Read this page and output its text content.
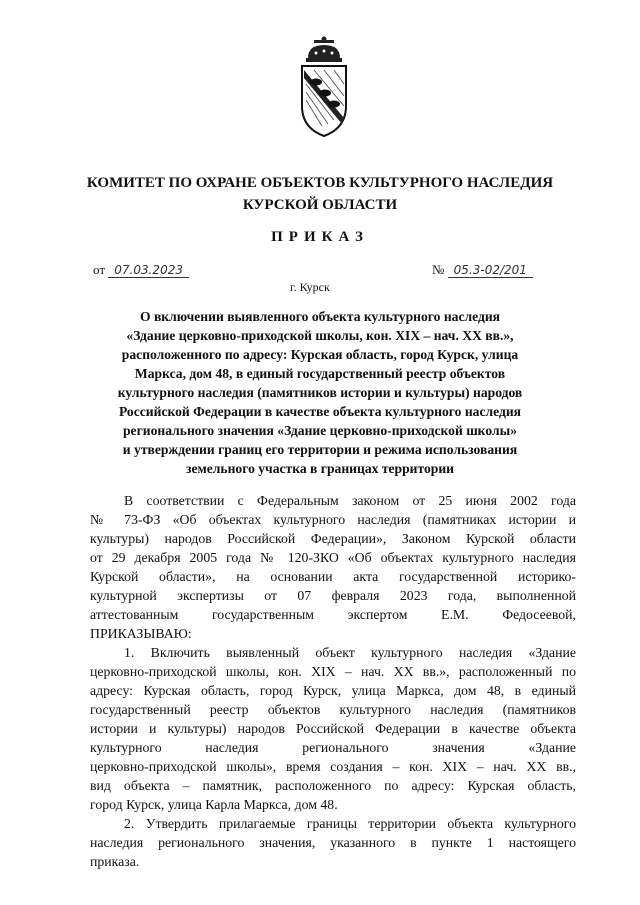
КОМИТЕТ ПО ОХРАНЕ ОБЪЕКТОВ КУЛЬТУРНОГО НАСЛЕДИЯ
КУРСКОЙ ОБЛАСТИ
ПРИКАЗ
от 07.03.2023	№ 05.3-02/201
г. Курск
О включении выявленного объекта культурного наследия
«Здание церковно-приходской школы, кон. XIX – нач. XX вв.»,
расположенного по адресу: Курская область, город Курск, улица
Маркса, дом 48, в единый государственный реестр объектов
культурного наследия (памятников истории и культуры) народов
Российской Федерации в качестве объекта культурного наследия
регионального значения «Здание церковно-приходской школы»
и утверждении границ его территории и режима использования
земельного участка в границах территории
В соответствии с Федеральным законом от 25 июня 2002 года
№ 73-ФЗ «Об объектах культурного наследия (памятниках истории и
культуры) народов Российской Федерации», Законом Курской области
от 29 декабря 2005 года № 120-ЗКО «Об объектах культурного наследия
Курской области», на основании акта государственной историко-
культурной экспертизы от 07 февраля 2023 года, выполненной
аттестованным государственным экспертом Е.М. Федосеевой,
ПРИКАЗЫВАЮ:
1. Включить выявленный объект культурного наследия «Здание
церковно-приходской школы, кон. XIX – нач. XX вв.», расположенный по
адресу: Курская область, город Курск, улица Маркса, дом 48, в единый
государственный реестр объектов культурного наследия (памятников
истории и культуры) народов Российской Федерации в качестве объекта
культурного наследия регионального значения «Здание
церковно-приходской школы», время создания – кон. XIX – нач. XX вв.,
вид объекта – памятник, расположенного по адресу: Курская область,
город Курск, улица Карла Маркса, дом 48.
2. Утвердить прилагаемые границы территории объекта культурного
наследия регионального значения, указанного в пункте 1 настоящего
приказа.
